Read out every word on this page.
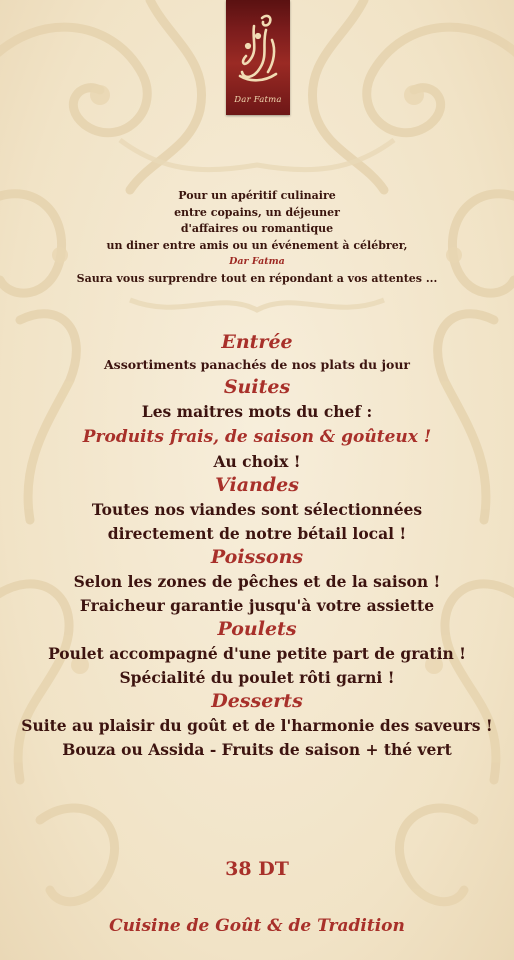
Dar Fatma
Pour un apéritif culinaire
entre copains, un déjeuner
d'affaires ou romantique
un diner entre amis ou un événement à célébrer,
Dar Fatma
Saura vous surprendre tout en répondant a vos attentes ...
Entrée
Assortiments panachés de nos plats du jour
Suites
Les maitres mots du chef :
Produits frais, de saison & goûteux !
Au choix !
Viandes
Toutes nos viandes sont sélectionnées
directement de notre bétail local !
Poissons
Selon les zones de pêches et de la saison !
Fraicheur garantie jusqu'à votre assiette
Poulets
Poulet accompagné d'une petite part de gratin !
Spécialité du poulet rôti garni !
Desserts
Suite au plaisir du goût et de l'harmonie des saveurs !
Bouza ou Assida - Fruits de saison + thé vert
38 DT
Cuisine de Goût & de Tradition
